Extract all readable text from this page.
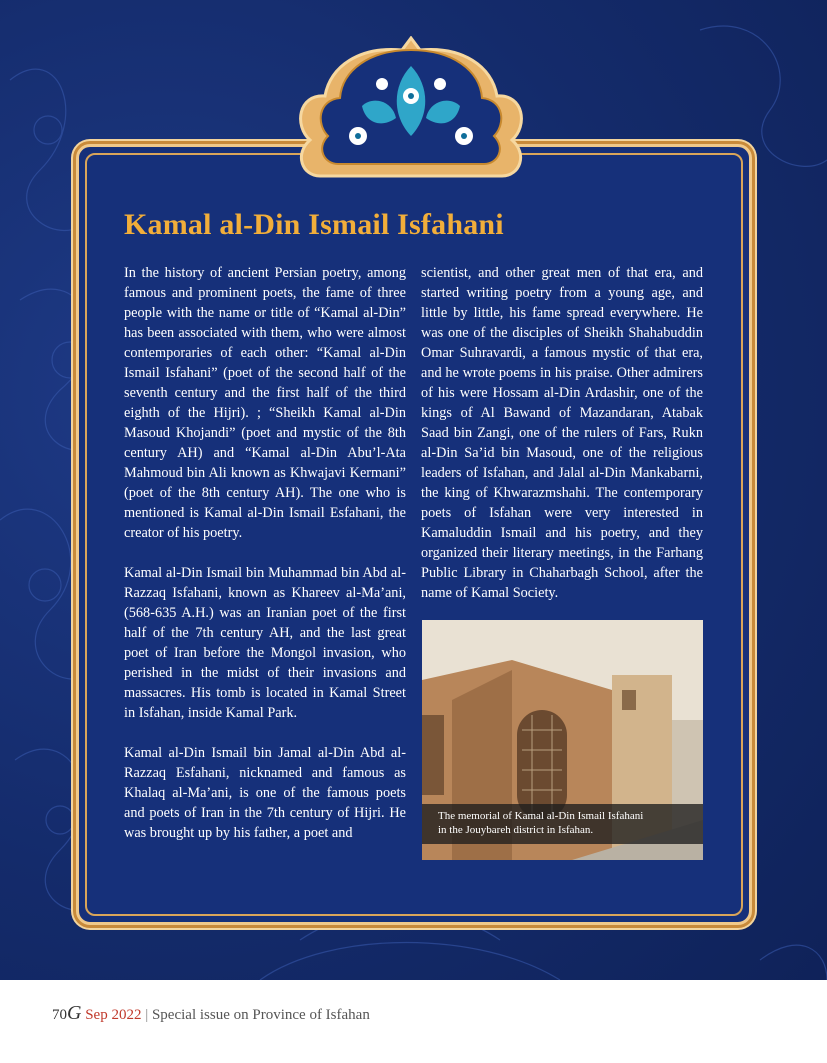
Kamal al-Din Ismail Isfahani

In the history of ancient Persian poetry, among famous and prominent poets, the fame of three people with the name or title of “Kamal al-Din” has been associated with them, who were almost contemporaries of each other: “Kamal al-Din Ismail Isfahani” (poet of the second half of the seventh century and the first half of the third eighth of the Hijri). ; “Sheikh Kamal al-Din Masoud Khojandi” (poet and mystic of the 8th century AH) and “Kamal al-Din Abu’l-Ata Mahmoud bin Ali known as Khwajavi Kermani” (poet of the 8th century AH). The one who is mentioned is Kamal al-Din Ismail Esfahani, the creator of his poetry.

Kamal al-Din Ismail bin Muhammad bin Abd al-Razzaq Isfahani, known as Khareev al-Ma’ani, (568-635 A.H.) was an Iranian poet of the first half of the 7th century AH, and the last great poet of Iran before the Mongol invasion, who perished in the midst of their invasions and massacres. His tomb is located in Kamal Street in Isfahan, inside Kamal Park.

Kamal al-Din Ismail bin Jamal al-Din Abd al-Razzaq Esfahani, nicknamed and famous as Khalaq al-Ma’ani, is one of the famous poets and poets of Iran in the 7th century of Hijri. He was brought up by his father, a poet and

scientist, and other great men of that era, and started writing poetry from a young age, and little by little, his fame spread everywhere. He was one of the disciples of Sheikh Shahabuddin Omar Suhravardi, a famous mystic of that era, and he wrote poems in his praise. Other admirers of his were Hossam al-Din Ardashir, one of the kings of Al Bawand of Mazandaran, Atabak Saad bin Zangi, one of the rulers of Fars, Rukn al-Din Sa’id bin Masoud, one of the religious leaders of Isfahan, and Jalal al-Din Mankabarni, the king of Khwarazmshahi. The contemporary poets of Isfahan were very interested in Kamaluddin Ismail and his poetry, and they organized their literary meetings, in the Farhang Public Library in Chaharbagh School, after the name of Kamal Society.

The memorial of Kamal al-Din Ismail Isfahani
in the Jouybareh district in Isfahan.
70G Sep 2022 | Special issue on Province of Isfahan
